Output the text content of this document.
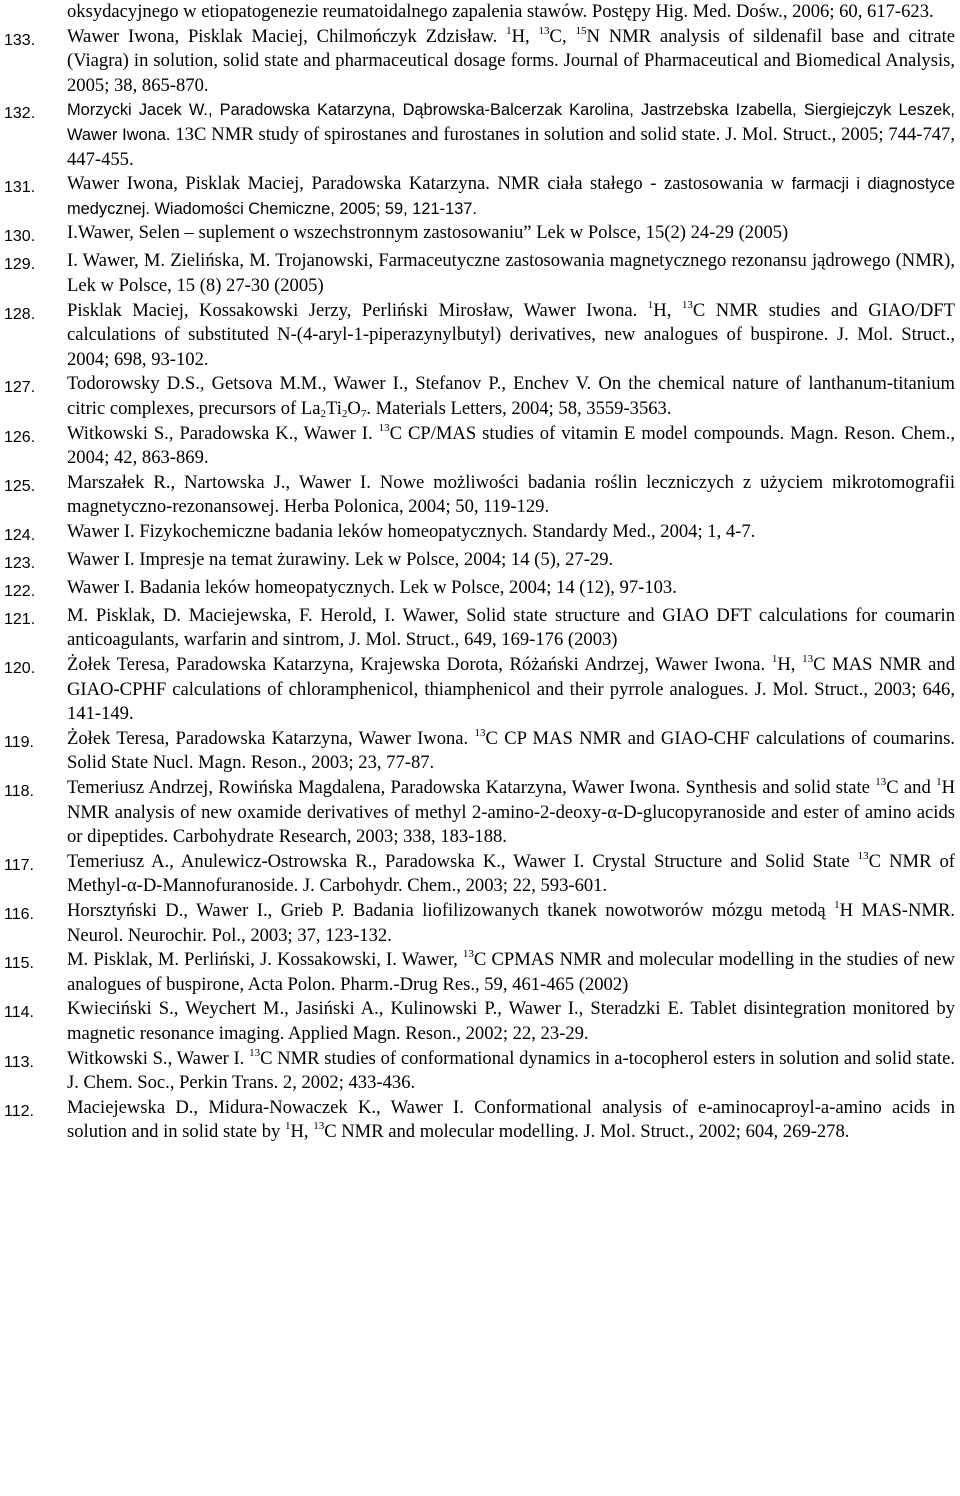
oksydacyjnego w etiopatogenezie reumatoidalnego zapalenia stawów. Postępy Hig. Med. Dośw., 2006; 60, 617-623.
133.	Wawer Iwona, Pisklak Maciej, Chilmończyk Zdzisław. $^1$H, $^{13}$C, $^{15}$N NMR analysis of sildenafil base and citrate (Viagra) in solution, solid state and pharmaceutical dosage forms. Journal of Pharmaceutical and Biomedical Analysis, 2005; 38, 865-870.
132.	Morzycki Jacek W., Paradowska Katarzyna, Dąbrowska-Balcerzak Karolina, Jastrzebska Izabella, Siergiejczyk Leszek, Wawer Iwona. 13C NMR study of spirostanes and furostanes in solution and solid state. J. Mol. Struct., 2005; 744-747, 447-455.
131.	Wawer Iwona, Pisklak Maciej, Paradowska Katarzyna. NMR ciała stałego - zastosowania w farmacji i diagnostyce medycznej. Wiadomości Chemiczne, 2005; 59, 121-137.
130.	I.Wawer, Selen – suplement o wszechstronnym zastosowaniu” Lek w Polsce, 15(2) 24-29 (2005)
129.	I. Wawer, M. Zielińska, M. Trojanowski, Farmaceutyczne zastosowania magnetycznego rezonansu jądrowego (NMR), Lek w Polsce, 15 (8) 27-30 (2005)
128.	Pisklak Maciej, Kossakowski Jerzy, Perliński Mirosław, Wawer Iwona. $^1$H, $^{13}$C NMR studies and GIAO/DFT calculations of substituted N-(4-aryl-1-piperazynylbutyl) derivatives, new analogues of buspirone. J. Mol. Struct., 2004; 698, 93-102.
127.	Todorowsky D.S., Getsova M.M., Wawer I., Stefanov P., Enchev V. On the chemical nature of lanthanum-titanium citric complexes, precursors of $La_2Ti_2O_7$. Materials Letters, 2004; 58, 3559-3563.
126.	Witkowski S., Paradowska K., Wawer I. $^{13}$C CP/MAS studies of vitamin E model compounds. Magn. Reson. Chem., 2004; 42, 863-869.
125.	Marszałek R., Nartowska J., Wawer I. Nowe możliwości badania roślin leczniczych z użyciem mikrotomografii magnetyczno-rezonansowej. Herba Polonica, 2004; 50, 119-129.
124.	Wawer I. Fizykochemiczne badania leków homeopatycznych. Standardy Med., 2004; 1, 4-7.
123.	Wawer I. Impresje na temat żurawiny. Lek w Polsce, 2004; 14 (5), 27-29.
122.	Wawer I. Badania leków homeopatycznych. Lek w Polsce, 2004; 14 (12), 97-103.
121.	M. Pisklak, D. Maciejewska, F. Herold, I. Wawer, Solid state structure and GIAO DFT calculations for coumarin anticoagulants, warfarin and sintrom, J. Mol. Struct., 649, 169-176 (2003)
120.	Żołek Teresa, Paradowska Katarzyna, Krajewska Dorota, Różański Andrzej, Wawer Iwona. $^1$H, $^{13}$C MAS NMR and GIAO-CPHF calculations of chloramphenicol, thiamphenicol and their pyrrole analogues. J. Mol. Struct., 2003; 646, 141-149.
119.	Żołek Teresa, Paradowska Katarzyna, Wawer Iwona. $^{13}$C CP MAS NMR and GIAO-CHF calculations of coumarins. Solid State Nucl. Magn. Reson., 2003; 23, 77-87.
118.	Temeriusz Andrzej, Rowińska Magdalena, Paradowska Katarzyna, Wawer Iwona. Synthesis and solid state $^{13}$C and $^1$H NMR analysis of new oxamide derivatives of methyl 2-amino-2-deoxy-α-D-glucopyranoside and ester of amino acids or dipeptides. Carbohydrate Research, 2003; 338, 183-188.
117.	Temeriusz A., Anulewicz-Ostrowska R., Paradowska K., Wawer I. Crystal Structure and Solid State $^{13}$C NMR of Methyl-α-D-Mannofuranoside. J. Carbohydr. Chem., 2003; 22, 593-601.
116.	Horsztyński D., Wawer I., Grieb P. Badania liofilizowanych tkanek nowotworów mózgu metodą $^1$H MAS-NMR. Neurol. Neurochir. Pol., 2003; 37, 123-132.
115.	M. Pisklak, M. Perliński, J. Kossakowski, I. Wawer, $^{13}$C CPMAS NMR and molecular modelling in the studies of new analogues of buspirone, Acta Polon. Pharm.-Drug Res., 59, 461-465 (2002)
114.	Kwieciński S., Weychert M., Jasiński A., Kulinowski P., Wawer I., Steradzki E. Tablet disintegration monitored by magnetic resonance imaging. Applied Magn. Reson., 2002; 22, 23-29.
113.	Witkowski S., Wawer I. $^{13}$C NMR studies of conformational dynamics in a-tocopherol esters in solution and solid state. J. Chem. Soc., Perkin Trans. 2, 2002; 433-436.
112.	Maciejewska D., Midura-Nowaczek K., Wawer I. Conformational analysis of e-aminocaproyl-a-amino acids in solution and in solid state by $^1$H, $^{13}$C NMR and molecular modelling. J. Mol. Struct., 2002; 604, 269-278.
